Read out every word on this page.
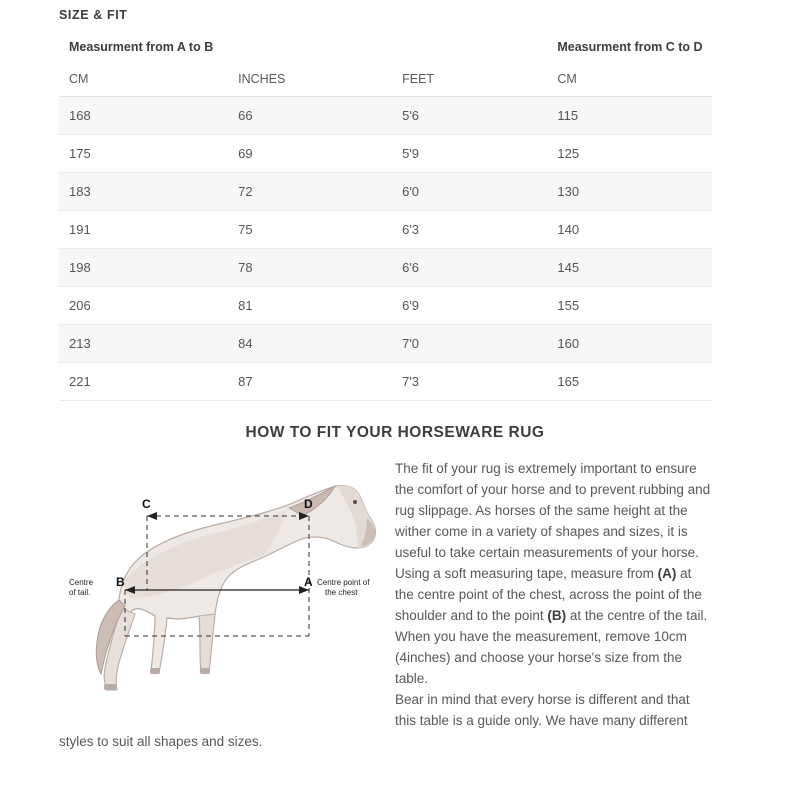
SIZE & FIT
Measurment from A to B			Measurment from C to D
CM	INCHES	FEET	CM
168	66	5'6	115
175	69	5'9	125
183	72	6'0	130
191	75	6'3	140
198	78	6'6	145
206	81	6'9	155
213	84	7'0	160
221	87	7'3	165
HOW TO FIT YOUR HORSEWARE RUG
C	D
B	A
Centre
of tail.
Centre point of
the chest

The fit of your rug is extremely important to ensure the comfort of your horse and to prevent rubbing and rug slippage. As horses of the same height at the wither come in a variety of shapes and sizes, it is useful to take certain measurements of your horse.

Using a soft measuring tape, measure from (A) at the centre point of the chest, across the point of the shoulder and to the point (B) at the centre of the tail. When you have the measurement, remove 10cm (4inches) and choose your horse's size from the table.

Bear in mind that every horse is different and that this table is a guide only. We have many different styles to suit all shapes and sizes.
